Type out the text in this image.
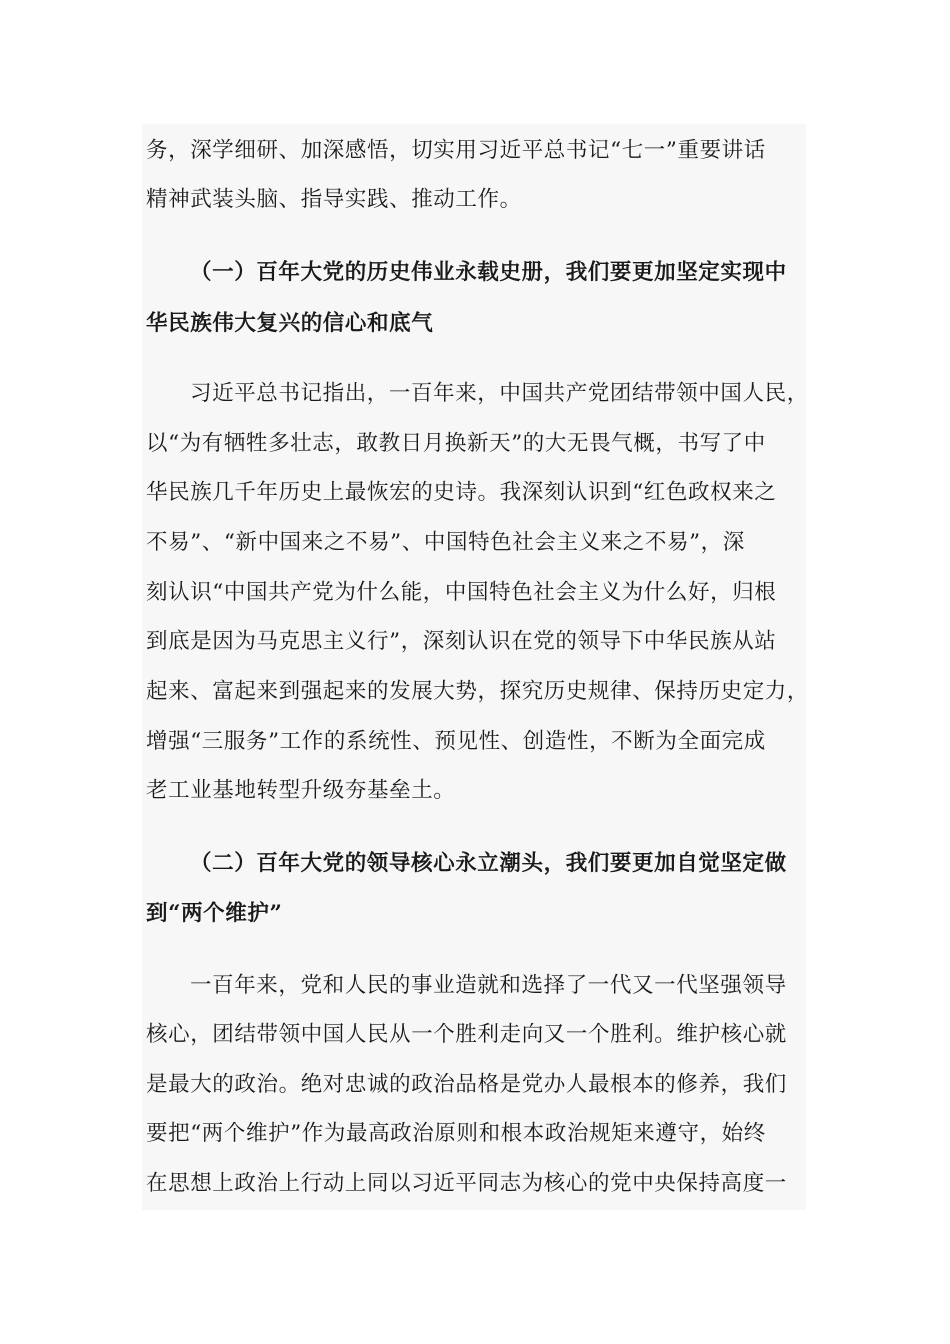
务，深学细研、加深感悟，切实用习近平总书记“七一”重要讲话
精神武装头脑、指导实践、推动工作。
（一）百年大党的历史伟业永载史册，我们要更加坚定实现中
华民族伟大复兴的信心和底气
习近平总书记指出，一百年来，中国共产党团结带领中国人民，
以“为有牺牲多壮志，敢教日月换新天”的大无畏气概，书写了中
华民族几千年历史上最恢宏的史诗。我深刻认识到“红色政权来之
不易”、“新中国来之不易”、中国特色社会主义来之不易”，深
刻认识“中国共产党为什么能，中国特色社会主义为什么好，归根
到底是因为马克思主义行”，深刻认识在党的领导下中华民族从站
起来、富起来到强起来的发展大势，探究历史规律、保持历史定力，
增强“三服务”工作的系统性、预见性、创造性，不断为全面完成
老工业基地转型升级夯基垒土。
（二）百年大党的领导核心永立潮头，我们要更加自觉坚定做
到“两个维护”
一百年来，党和人民的事业造就和选择了一代又一代坚强领导
核心，团结带领中国人民从一个胜利走向又一个胜利。维护核心就
是最大的政治。绝对忠诚的政治品格是党办人最根本的修养，我们
要把“两个维护”作为最高政治原则和根本政治规矩来遵守，始终
在思想上政治上行动上同以习近平同志为核心的党中央保持高度一
